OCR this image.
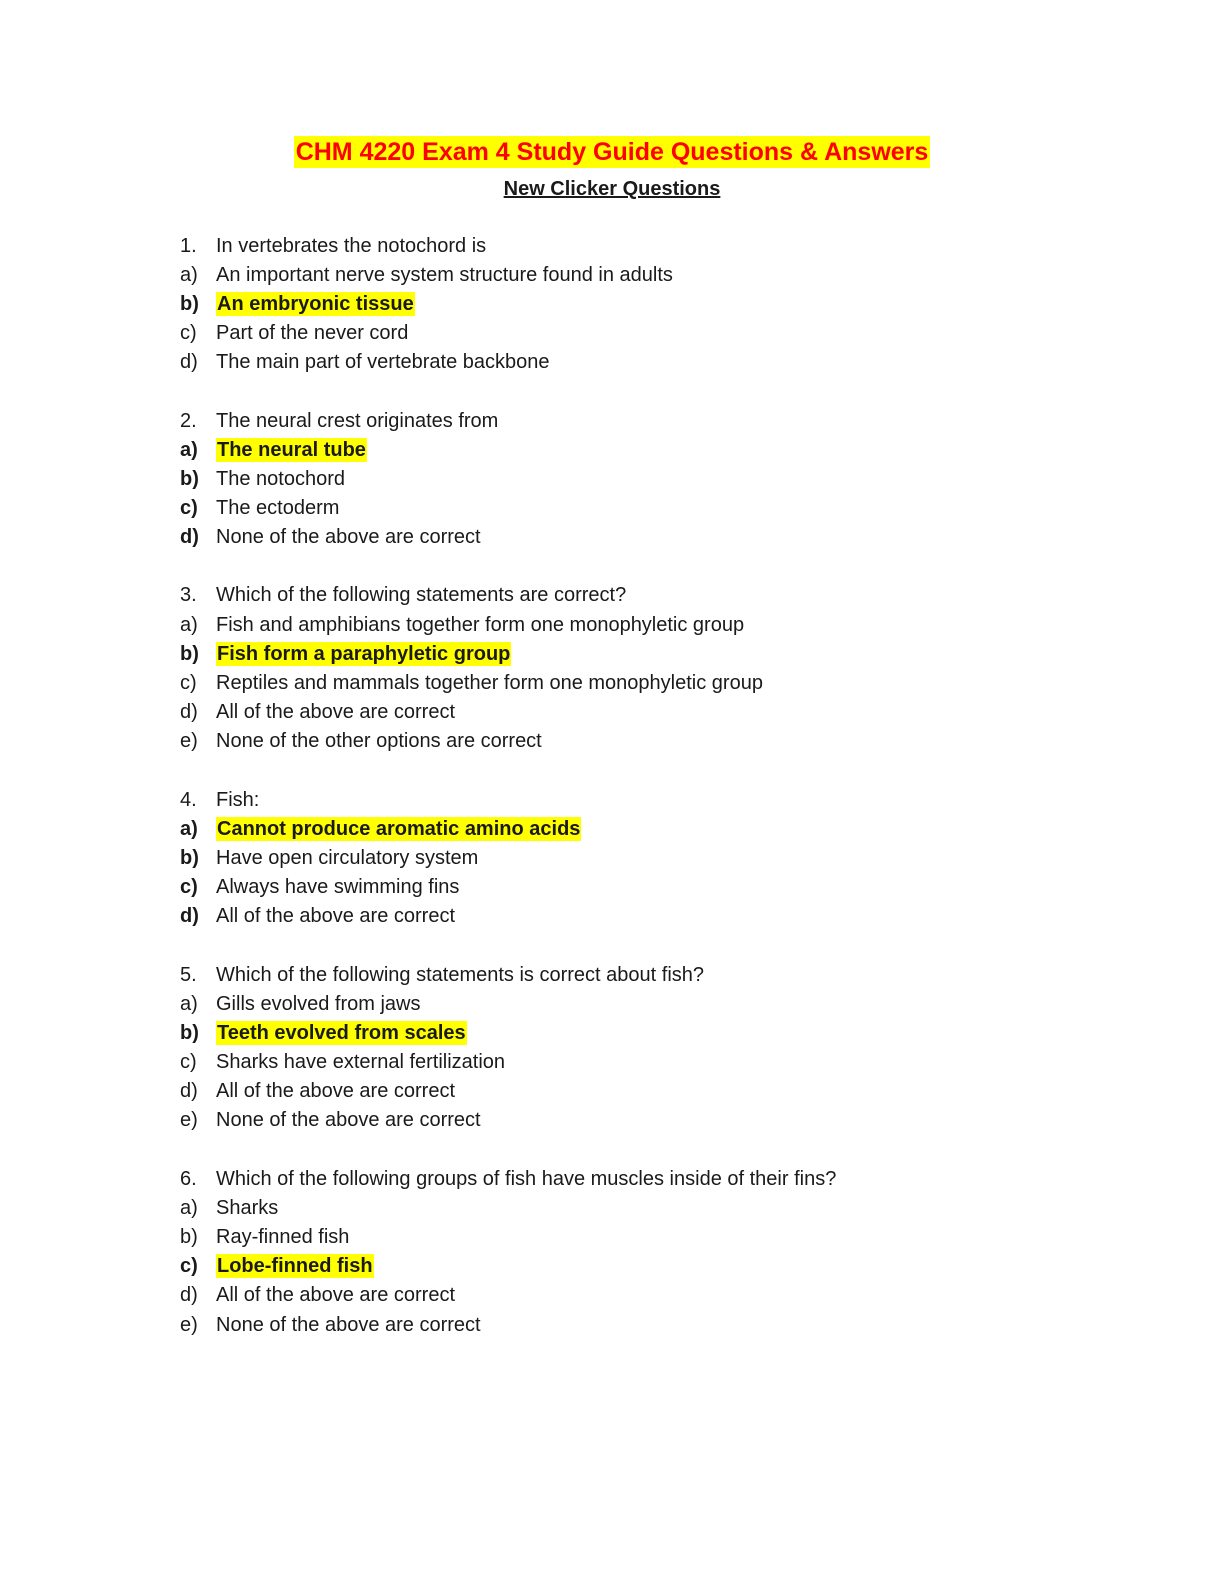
CHM 4220 Exam 4 Study Guide Questions & Answers
New Clicker Questions
1. In vertebrates the notochord is
a) An important nerve system structure found in adults
b) An embryonic tissue
c) Part of the never cord
d) The main part of vertebrate backbone
2. The neural crest originates from
a) The neural tube
b) The notochord
c) The ectoderm
d) None of the above are correct
3. Which of the following statements are correct?
a) Fish and amphibians together form one monophyletic group
b) Fish form a paraphyletic group
c) Reptiles and mammals together form one monophyletic group
d) All of the above are correct
e) None of the other options are correct
4. Fish:
a) Cannot produce aromatic amino acids
b) Have open circulatory system
c) Always have swimming fins
d) All of the above are correct
5. Which of the following statements is correct about fish?
a) Gills evolved from jaws
b) Teeth evolved from scales
c) Sharks have external fertilization
d) All of the above are correct
e) None of the above are correct
6. Which of the following groups of fish have muscles inside of their fins?
a) Sharks
b) Ray-finned fish
c) Lobe-finned fish
d) All of the above are correct
e) None of the above are correct
